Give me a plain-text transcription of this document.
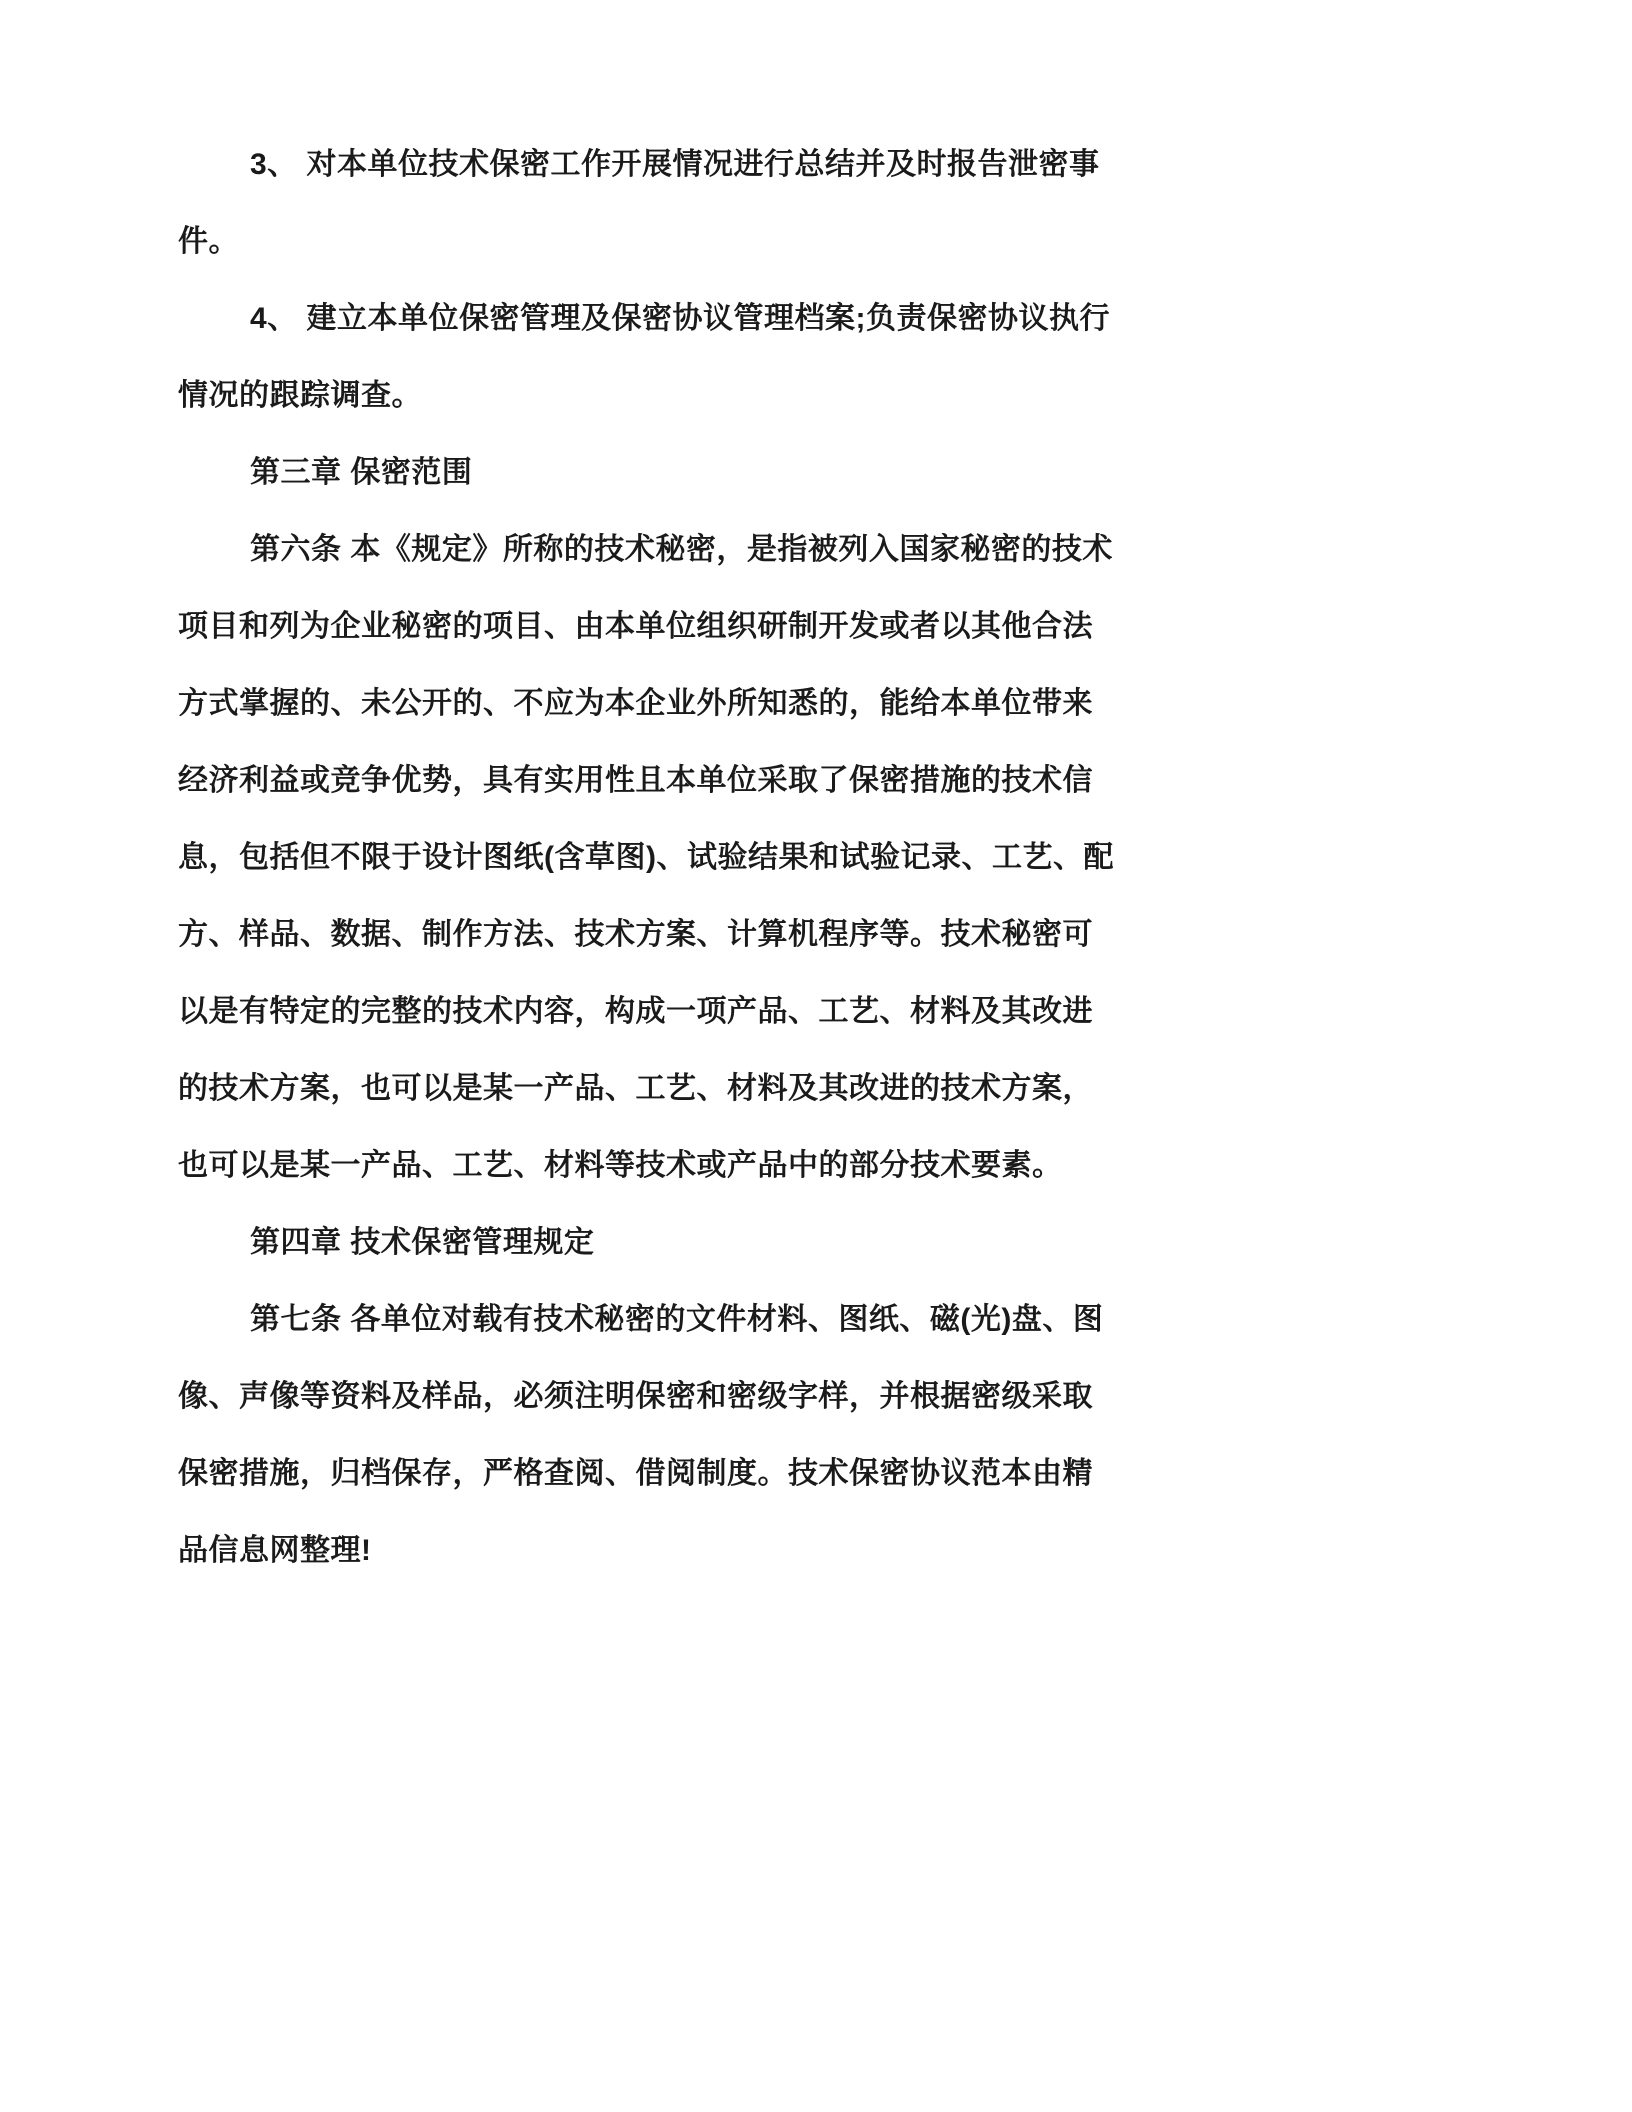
3、 对本单位技术保密工作开展情况进行总结并及时报告泄密事
件。
4、 建立本单位保密管理及保密协议管理档案;负责保密协议执行
情况的跟踪调查。
第三章 保密范围
第六条 本《规定》所称的技术秘密，是指被列入国家秘密的技术
项目和列为企业秘密的项目、由本单位组织研制开发或者以其他合法
方式掌握的、未公开的、不应为本企业外所知悉的，能给本单位带来
经济利益或竞争优势，具有实用性且本单位采取了保密措施的技术信
息，包括但不限于设计图纸(含草图)、试验结果和试验记录、工艺、配
方、样品、数据、制作方法、技术方案、计算机程序等。技术秘密可
以是有特定的完整的技术内容，构成一项产品、工艺、材料及其改进
的技术方案，也可以是某一产品、工艺、材料及其改进的技术方案，
也可以是某一产品、工艺、材料等技术或产品中的部分技术要素。
第四章 技术保密管理规定
第七条 各单位对载有技术秘密的文件材料、图纸、磁(光)盘、图
像、声像等资料及样品，必须注明保密和密级字样，并根据密级采取
保密措施，归档保存，严格查阅、借阅制度。技术保密协议范本由精
品信息网整理!
